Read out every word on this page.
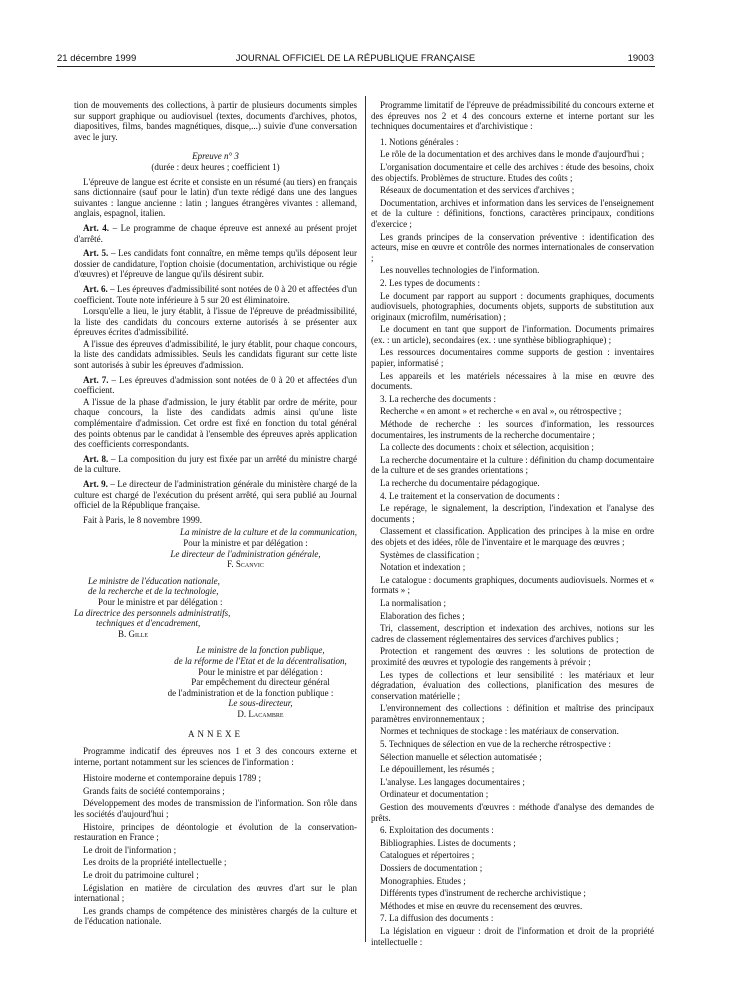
21 décembre 1999	JOURNAL OFFICIEL DE LA RÉPUBLIQUE FRANÇAISE	19003

tion de mouvements des collections, à partir de plusieurs documents simples sur support graphique ou audiovisuel (textes, documents d'archives, photos, diapositives, films, bandes magnétiques, disque,...) suivie d'une conversation avec le jury.

Epreuve n° 3

(durée : deux heures ; coefficient 1)

L'épreuve de langue est écrite et consiste en un résumé (au tiers) en français sans dictionnaire (sauf pour le latin) d'un texte rédigé dans une des langues suivantes : langue ancienne : latin ; langues étrangères vivantes : allemand, anglais, espagnol, italien.

Art. 4. – Le programme de chaque épreuve est annexé au présent projet d'arrêté.

Art. 5. – Les candidats font connaître, en même temps qu'ils déposent leur dossier de candidature, l'option choisie (documentation, archivistique ou régie d'œuvres) et l'épreuve de langue qu'ils désirent subir.

Art. 6. – Les épreuves d'admissibilité sont notées de 0 à 20 et affectées d'un coefficient. Toute note inférieure à 5 sur 20 est éliminatoire.

Lorsqu'elle a lieu, le jury établit, à l'issue de l'épreuve de préadmissibilité, la liste des candidats du concours externe autorisés à se présenter aux épreuves écrites d'admissibilité.

A l'issue des épreuves d'admissibilité, le jury établit, pour chaque concours, la liste des candidats admissibles. Seuls les candidats figurant sur cette liste sont autorisés à subir les épreuves d'admission.

Art. 7. – Les épreuves d'admission sont notées de 0 à 20 et affectées d'un coefficient.

A l'issue de la phase d'admission, le jury établit par ordre de mérite, pour chaque concours, la liste des candidats admis ainsi qu'une liste complémentaire d'admission. Cet ordre est fixé en fonction du total général des points obtenus par le candidat à l'ensemble des épreuves après application des coefficients correspondants.

Art. 8. – La composition du jury est fixée par un arrêté du ministre chargé de la culture.

Art. 9. – Le directeur de l'administration générale du ministère chargé de la culture est chargé de l'exécution du présent arrêté, qui sera publié au Journal officiel de la République française.

Fait à Paris, le 8 novembre 1999.

La ministre de la culture et de la communication,

Pour la ministre et par délégation :

Le directeur de l'administration générale,

F. Scanvic

Le ministre de l'éducation nationale,

de la recherche et de la technologie,

Pour le ministre et par délégation :

La directrice des personnels administratifs,

techniques et d'encadrement,

B. Gille

Le ministre de la fonction publique,

de la réforme de l'Etat et de la décentralisation,

Pour le ministre et par délégation :

Par empêchement du directeur général

de l'administration et de la fonction publique :

Le sous-directeur,

D. Lacambre

ANNEXE

Programme indicatif des épreuves nos 1 et 3 des concours externe et interne, portant notamment sur les sciences de l'information :

Histoire moderne et contemporaine depuis 1789 ;

Grands faits de société contemporains ;

Développement des modes de transmission de l'information. Son rôle dans les sociétés d'aujourd'hui ;

Histoire, principes de déontologie et évolution de la conservation-restauration en France ;

Le droit de l'information ;

Les droits de la propriété intellectuelle ;

Le droit du patrimoine culturel ;

Législation en matière de circulation des œuvres d'art sur le plan international ;

Les grands champs de compétence des ministères chargés de la culture et de l'éducation nationale.

Programme limitatif de l'épreuve de préadmissibilité du concours externe et des épreuves nos 2 et 4 des concours externe et interne portant sur les techniques documentaires et d'archivistique :

1. Notions générales :

Le rôle de la documentation et des archives dans le monde d'aujourd'hui ;

L'organisation documentaire et celle des archives : étude des besoins, choix des objectifs. Problèmes de structure. Etudes des coûts ;

Réseaux de documentation et des services d'archives ;

Documentation, archives et information dans les services de l'enseignement et de la culture : définitions, fonctions, caractères principaux, conditions d'exercice ;

Les grands principes de la conservation préventive : identification des acteurs, mise en œuvre et contrôle des normes internationales de conservation ;

Les nouvelles technologies de l'information.

2. Les types de documents :

Le document par rapport au support : documents graphiques, documents audiovisuels, photographies, documents objets, supports de substitution aux originaux (microfilm, numérisation) ;

Le document en tant que support de l'information. Documents primaires (ex. : un article), secondaires (ex. : une synthèse bibliographique) ;

Les ressources documentaires comme supports de gestion : inventaires papier, informatisé ;

Les appareils et les matériels nécessaires à la mise en œuvre des documents.

3. La recherche des documents :

Recherche « en amont » et recherche « en aval », ou rétrospective ;

Méthode de recherche : les sources d'information, les ressources documentaires, les instruments de la recherche documentaire ;

La collecte des documents : choix et sélection, acquisition ;

La recherche documentaire et la culture : définition du champ documentaire de la culture et de ses grandes orientations ;

La recherche du documentaire pédagogique.

4. Le traitement et la conservation de documents :

Le repérage, le signalement, la description, l'indexation et l'analyse des documents ;

Classement et classification. Application des principes à la mise en ordre des objets et des idées, rôle de l'inventaire et le marquage des œuvres ;

Systèmes de classification ;

Notation et indexation ;

Le catalogue : documents graphiques, documents audiovisuels. Normes et « formats » ;

La normalisation ;

Elaboration des fiches ;

Tri, classement, description et indexation des archives, notions sur les cadres de classement réglementaires des services d'archives publics ;

Protection et rangement des œuvres : les solutions de protection de proximité des œuvres et typologie des rangements à prévoir ;

Les types de collections et leur sensibilité : les matériaux et leur dégradation, évaluation des collections, planification des mesures de conservation matérielle ;

L'environnement des collections : définition et maîtrise des principaux paramètres environnementaux ;

Normes et techniques de stockage : les matériaux de conservation.

5. Techniques de sélection en vue de la recherche rétrospective :

Sélection manuelle et sélection automatisée ;

Le dépouillement, les résumés ;

L'analyse. Les langages documentaires ;

Ordinateur et documentation ;

Gestion des mouvements d'œuvres : méthode d'analyse des demandes de prêts.

6. Exploitation des documents :

Bibliographies. Listes de documents ;

Catalogues et répertoires ;

Dossiers de documentation ;

Monographies. Etudes ;

Différents types d'instrument de recherche archivistique ;

Méthodes et mise en œuvre du recensement des œuvres.

7. La diffusion des documents :

La législation en vigueur : droit de l'information et droit de la propriété intellectuelle :
